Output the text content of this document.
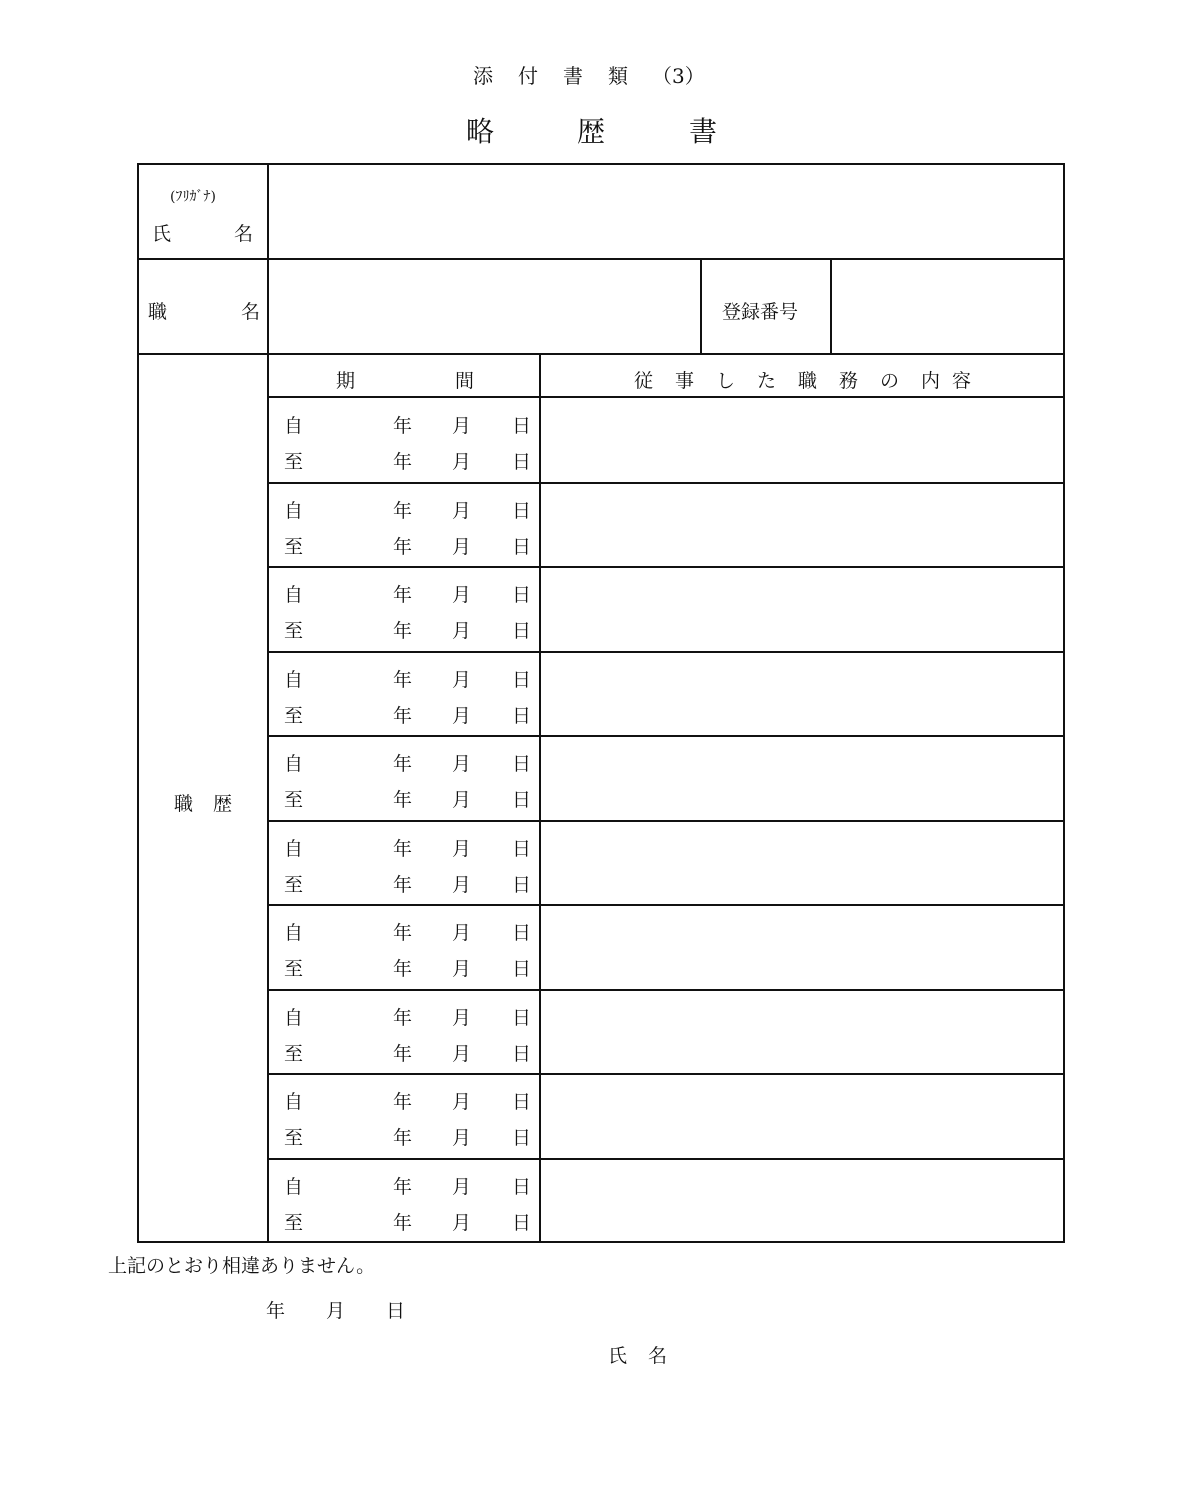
添 付 書 類 （3）
略	歴	書
(ﾌﾘｶﾞﾅ)
氏	名
職	名	登録番号
職 歴
期	間	従 事 し た 職 務 の 内 容
自	年 月 日
至	年 月 日
自	年 月 日
至	年 月 日
自	年 月 日
至	年 月 日
自	年 月 日
至	年 月 日
自	年 月 日
至	年 月 日
自	年 月 日
至	年 月 日
自	年 月 日
至	年 月 日
自	年 月 日
至	年 月 日
自	年 月 日
至	年 月 日
自	年 月 日
至	年 月 日
上記のとおり相違ありません。
年 月 日
氏 名
